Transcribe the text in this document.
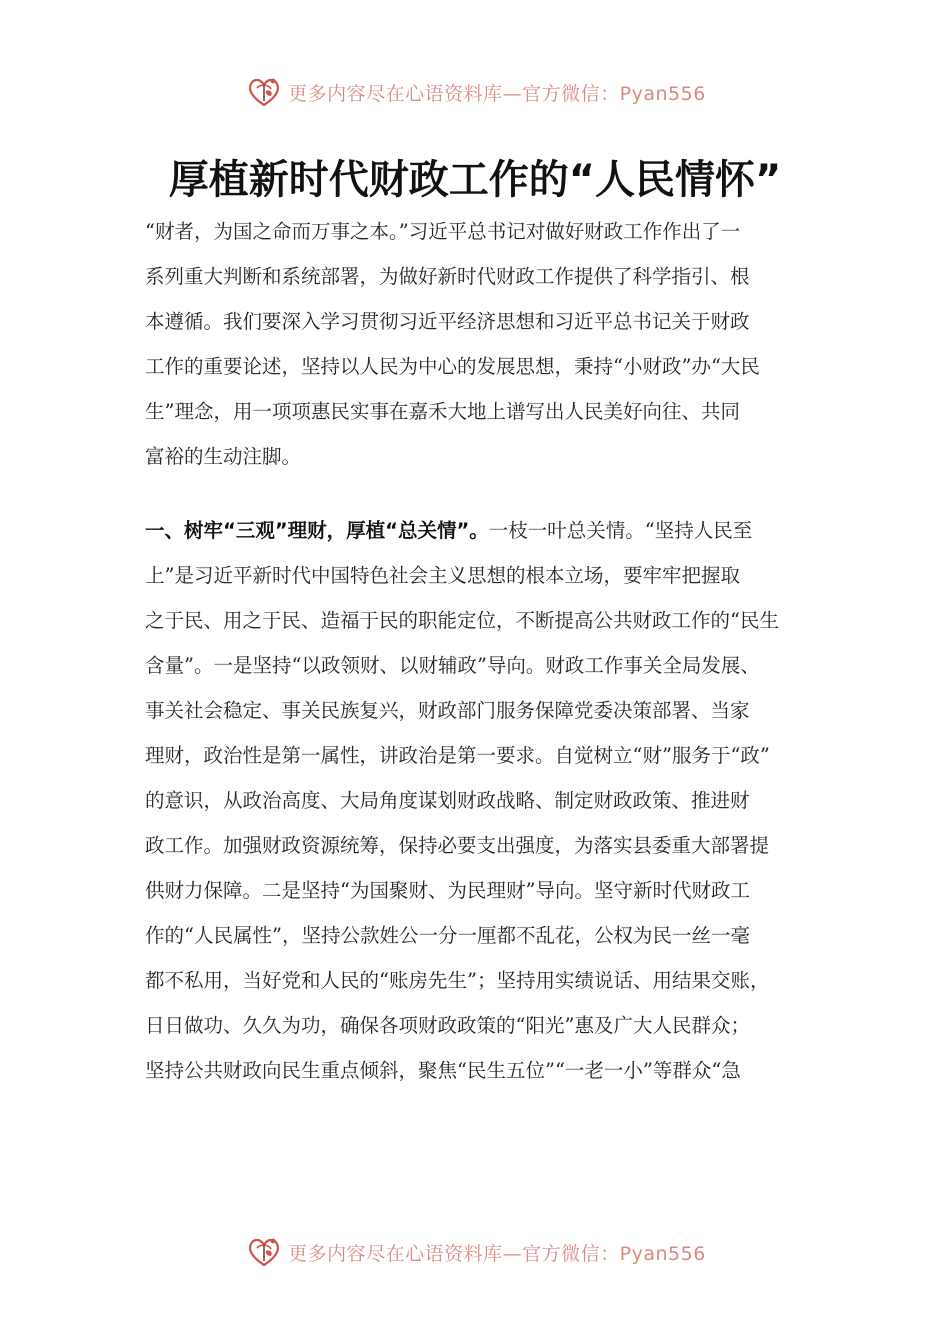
更多内容尽在心语资料库—官方微信：Pyan556
厚植新时代财政工作的“人民情怀”
“财者，为国之命而万事之本。”习近平总书记对做好财政工作作出了一
系列重大判断和系统部署，为做好新时代财政工作提供了科学指引、根
本遵循。我们要深入学习贯彻习近平经济思想和习近平总书记关于财政
工作的重要论述，坚持以人民为中心的发展思想，秉持“小财政”办“大民
生”理念，用一项项惠民实事在嘉禾大地上谱写出人民美好向往、共同
富裕的生动注脚。
一、树牢“三观”理财，厚植“总关情”。一枝一叶总关情。“坚持人民至
上”是习近平新时代中国特色社会主义思想的根本立场，要牢牢把握取
之于民、用之于民、造福于民的职能定位，不断提高公共财政工作的“民生
含量”。一是坚持“以政领财、以财辅政”导向。财政工作事关全局发展、
事关社会稳定、事关民族复兴，财政部门服务保障党委决策部署、当家
理财，政治性是第一属性，讲政治是第一要求。自觉树立“财”服务于“政”
的意识，从政治高度、大局角度谋划财政战略、制定财政政策、推进财
政工作。加强财政资源统筹，保持必要支出强度，为落实县委重大部署提
供财力保障。二是坚持“为国聚财、为民理财”导向。坚守新时代财政工
作的“人民属性”，坚持公款姓公一分一厘都不乱花，公权为民一丝一毫
都不私用，当好党和人民的“账房先生”；坚持用实绩说话、用结果交账，
日日做功、久久为功，确保各项财政政策的“阳光”惠及广大人民群众；
坚持公共财政向民生重点倾斜，聚焦“民生五位”“一老一小”等群众“急
更多内容尽在心语资料库—官方微信：Pyan556
